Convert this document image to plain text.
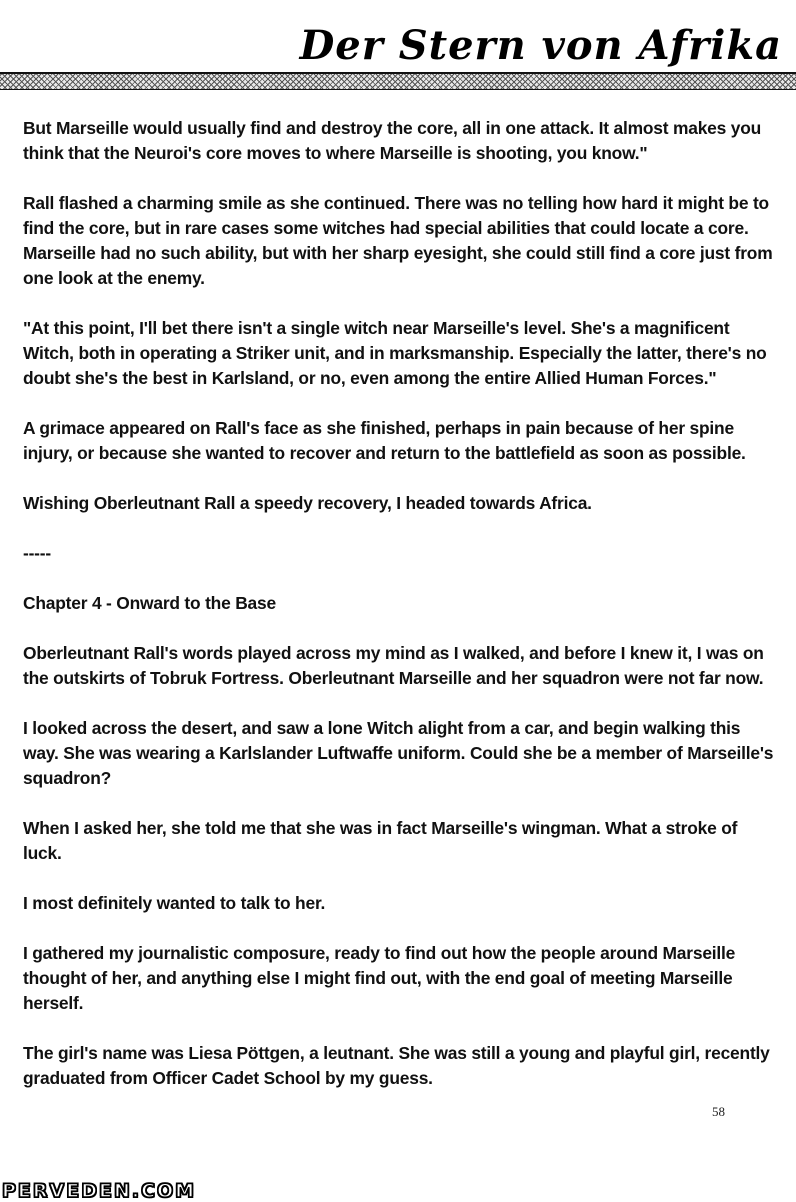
Der Stern von Afrika

But Marseille would usually find and destroy the core, all in one attack. It almost makes you think that the Neuroi's core moves to where Marseille is shooting, you know."

Rall flashed a charming smile as she continued. There was no telling how hard it might be to find the core, but in rare cases some witches had special abilities that could locate a core. Marseille had no such ability, but with her sharp eyesight, she could still find a core just from one look at the enemy.

"At this point, I'll bet there isn't a single witch near Marseille's level. She's a magnificent Witch, both in operating a Striker unit, and in marksmanship. Especially the latter, there's no doubt she's the best in Karlsland, or no, even among the entire Allied Human Forces."

A grimace appeared on Rall's face as she finished, perhaps in pain because of her spine injury, or because she wanted to recover and return to the battlefield as soon as possible.

Wishing Oberleutnant Rall a speedy recovery, I headed towards Africa.

-----

Chapter 4 - Onward to the Base

Oberleutnant Rall's words played across my mind as I walked, and before I knew it, I was on the outskirts of Tobruk Fortress. Oberleutnant Marseille and her squadron were not far now.

I looked across the desert, and saw a lone Witch alight from a car, and begin walking this way. She was wearing a Karlslander Luftwaffe uniform. Could she be a member of Marseille's squadron?

When I asked her, she told me that she was in fact Marseille's wingman. What a stroke of luck.

I most definitely wanted to talk to her.

I gathered my journalistic composure, ready to find out how the people around Marseille thought of her, and anything else I might find out, with the end goal of meeting Marseille herself.

The girl's name was Liesa Pöttgen, a leutnant. She was still a young and playful girl, recently graduated from Officer Cadet School by my guess.

58
PERVEDEN.COM
